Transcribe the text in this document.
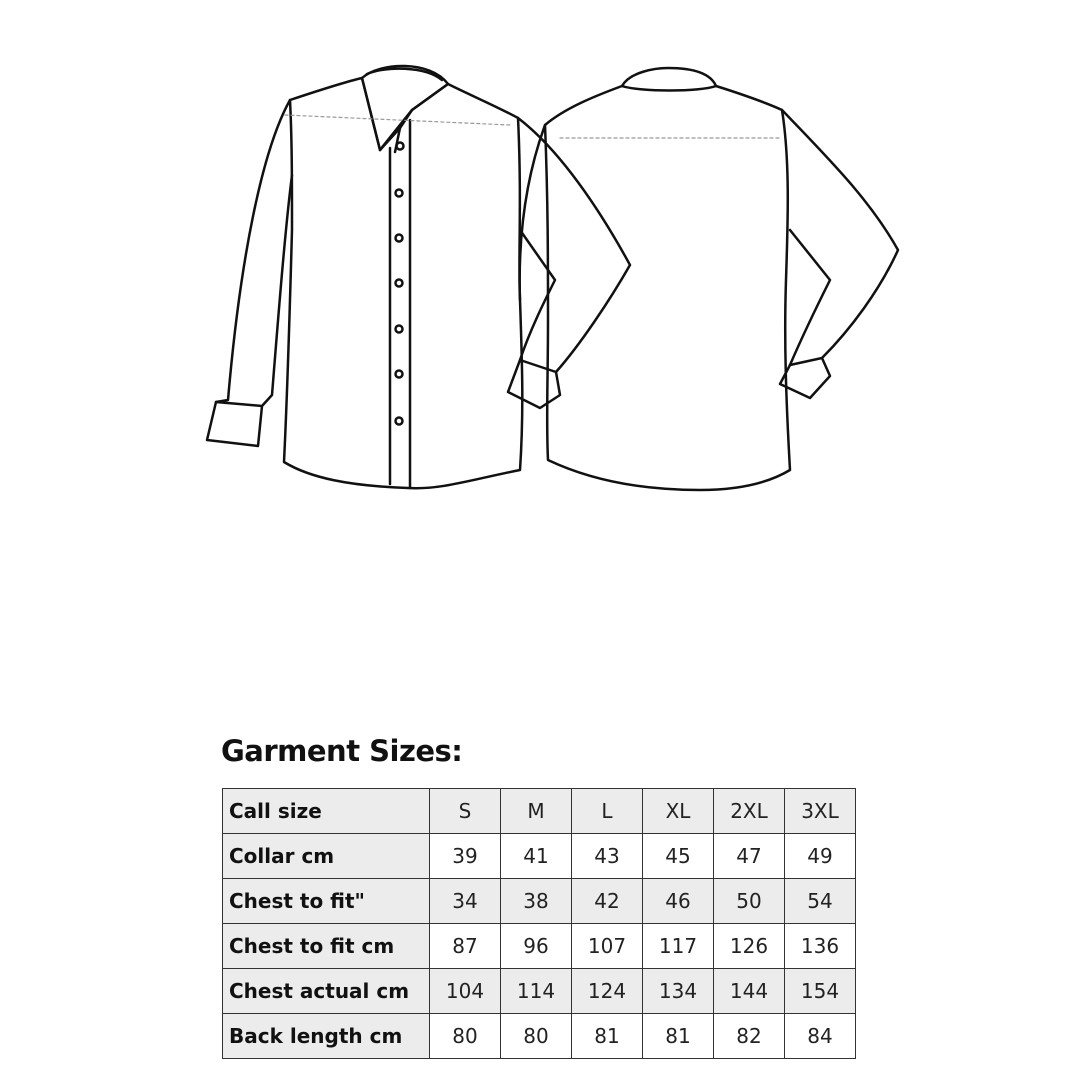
Garment Sizes:
Call size	S	M	L	XL	2XL	3XL
Collar cm	39	41	43	45	47	49
Chest to fit"	34	38	42	46	50	54
Chest to fit cm	87	96	107	117	126	136
Chest actual cm	104	114	124	134	144	154
Back length cm	80	80	81	81	82	84
